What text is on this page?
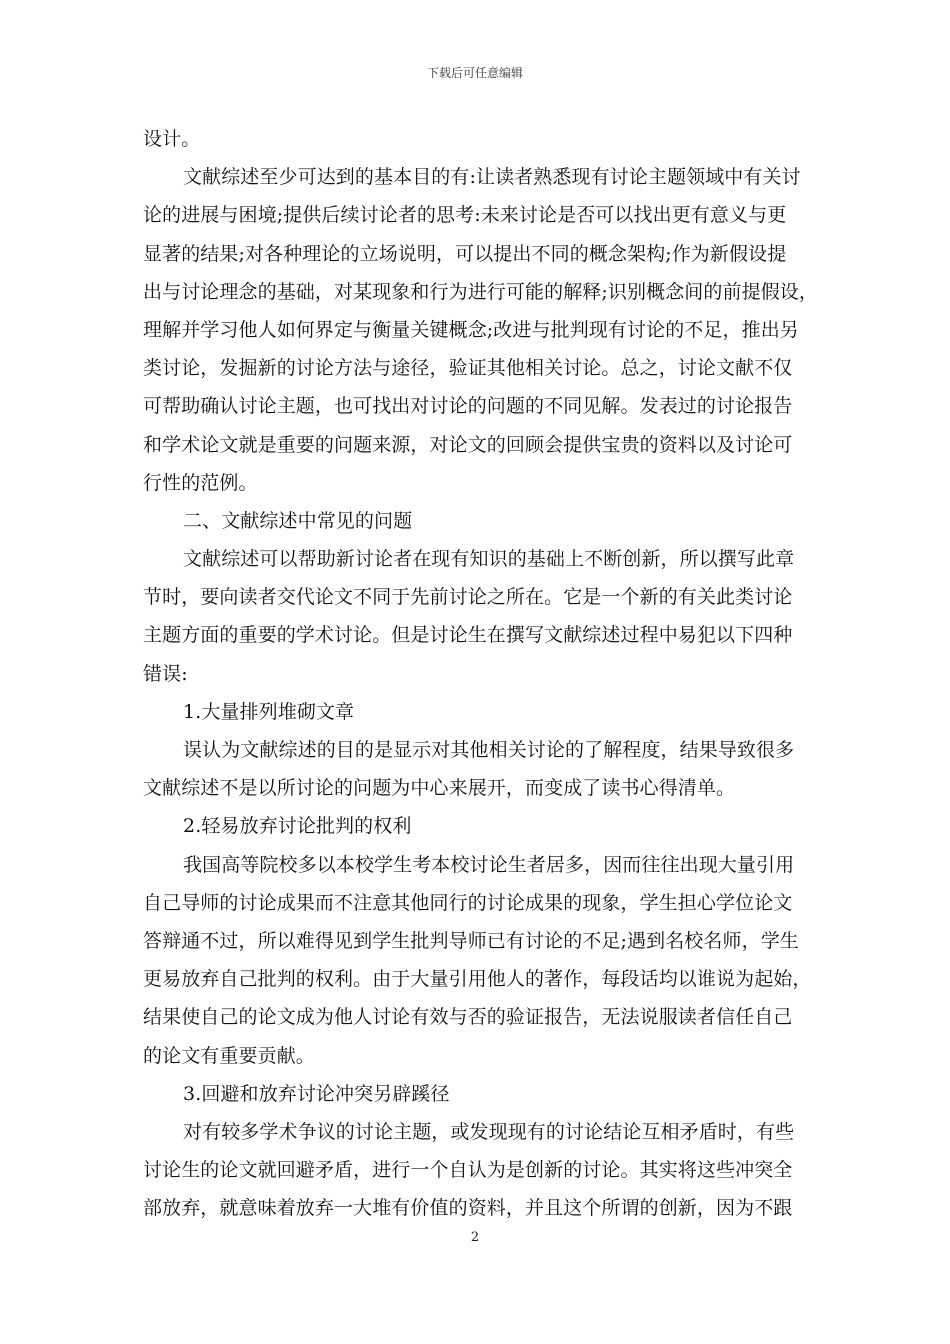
下载后可任意编辑
设计。
文献综述至少可达到的基本目的有:让读者熟悉现有讨论主题领域中有关讨
论的进展与困境;提供后续讨论者的思考:未来讨论是否可以找出更有意义与更
显著的结果;对各种理论的立场说明，可以提出不同的概念架构;作为新假设提
出与讨论理念的基础，对某现象和行为进行可能的解释;识别概念间的前提假设，
理解并学习他人如何界定与衡量关键概念;改进与批判现有讨论的不足，推出另
类讨论，发掘新的讨论方法与途径，验证其他相关讨论。总之，讨论文献不仅
可帮助确认讨论主题，也可找出对讨论的问题的不同见解。发表过的讨论报告
和学术论文就是重要的问题来源，对论文的回顾会提供宝贵的资料以及讨论可
行性的范例。
二、文献综述中常见的问题
文献综述可以帮助新讨论者在现有知识的基础上不断创新，所以撰写此章
节时，要向读者交代论文不同于先前讨论之所在。它是一个新的有关此类讨论
主题方面的重要的学术讨论。但是讨论生在撰写文献综述过程中易犯以下四种
错误:
1.大量排列堆砌文章
误认为文献综述的目的是显示对其他相关讨论的了解程度，结果导致很多
文献综述不是以所讨论的问题为中心来展开，而变成了读书心得清单。
2.轻易放弃讨论批判的权利
我国高等院校多以本校学生考本校讨论生者居多，因而往往出现大量引用
自己导师的讨论成果而不注意其他同行的讨论成果的现象，学生担心学位论文
答辩通不过，所以难得见到学生批判导师已有讨论的不足;遇到名校名师，学生
更易放弃自己批判的权利。由于大量引用他人的著作，每段话均以谁说为起始，
结果使自己的论文成为他人讨论有效与否的验证报告，无法说服读者信任自己
的论文有重要贡献。
3.回避和放弃讨论冲突另辟蹊径
对有较多学术争议的讨论主题，或发现现有的讨论结论互相矛盾时，有些
讨论生的论文就回避矛盾，进行一个自认为是创新的讨论。其实将这些冲突全
部放弃，就意味着放弃一大堆有价值的资料，并且这个所谓的创新，因为不跟
2
